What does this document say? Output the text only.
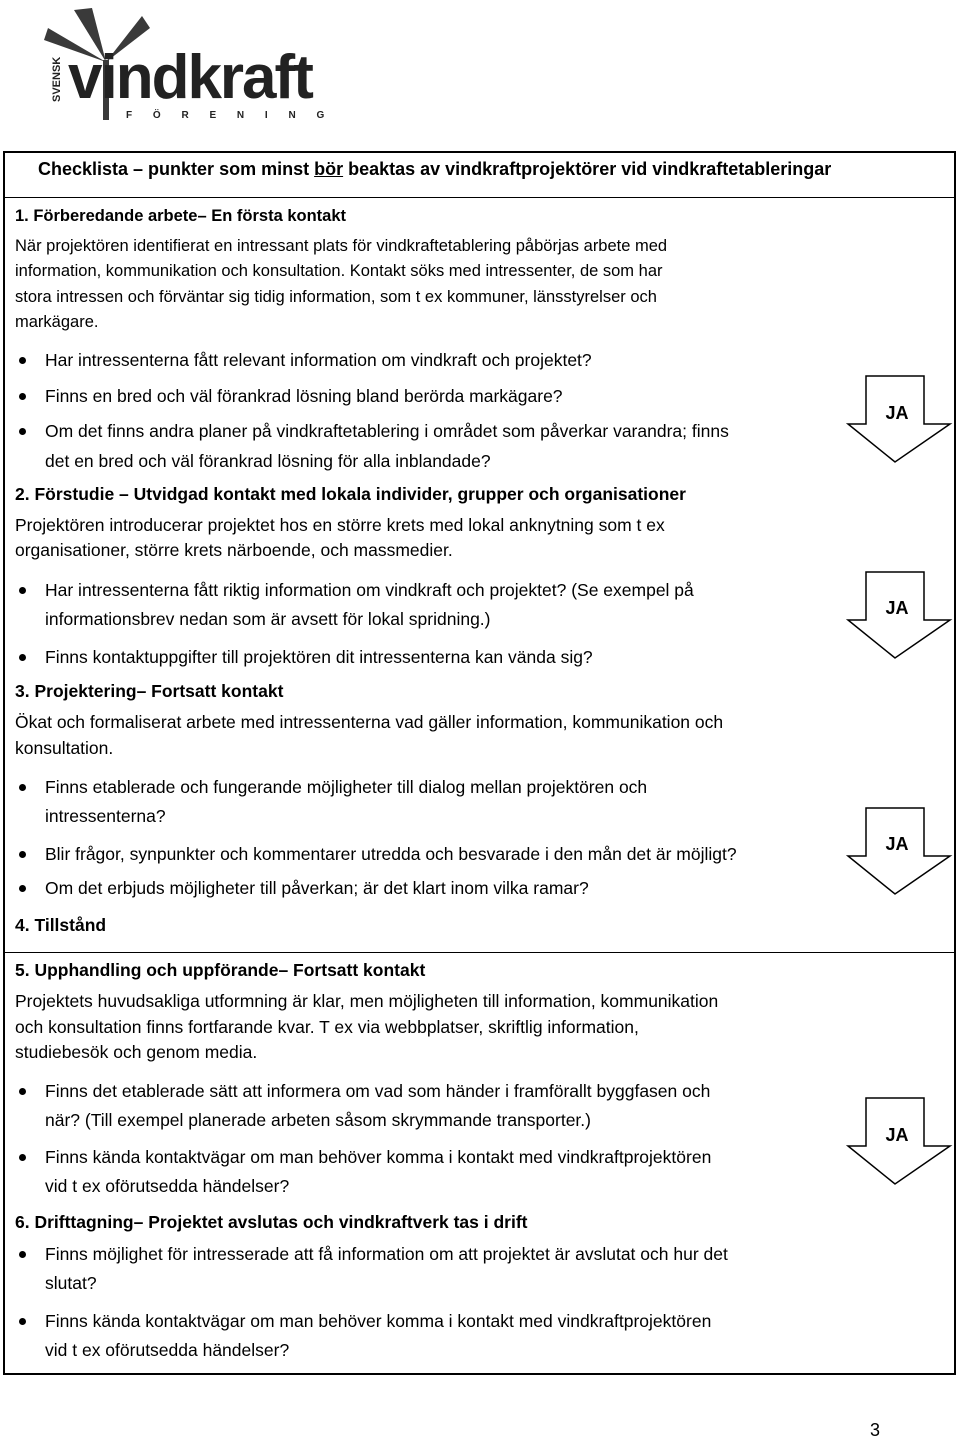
SVENSK vindkraft
F Ö R E N I N G
Checklista – punkter som minst bör beaktas av vindkraftprojektörer vid vindkraftetableringar
1. Förberedande arbete– En första kontakt
När projektören identifierat en intressant plats för vindkraftetablering påbörjas arbete med
information, kommunikation och konsultation. Kontakt söks med intressenter, de som har
stora intressen och förväntar sig tidig information, som t ex kommuner, länsstyrelser och
markägare.
Har intressenterna fått relevant information om vindkraft och projektet?
Finns en bred och väl förankrad lösning bland berörda markägare?
Om det finns andra planer på vindkraftetablering i området som påverkar varandra; finns
det en bred och väl förankrad lösning för alla inblandade?
JA
2. Förstudie – Utvidgad kontakt med lokala individer, grupper och organisationer
Projektören introducerar projektet hos en större krets med lokal anknytning som t ex
organisationer, större krets närboende, och massmedier.
Har intressenterna fått riktig information om vindkraft och projektet? (Se exempel på
informationsbrev nedan som är avsett för lokal spridning.)
Finns kontaktuppgifter till projektören dit intressenterna kan vända sig?
JA
3. Projektering– Fortsatt kontakt
Ökat och formaliserat arbete med intressenterna vad gäller information, kommunikation och
konsultation.
Finns etablerade och fungerande möjligheter till dialog mellan projektören och
intressenterna?
Blir frågor, synpunkter och kommentarer utredda och besvarade i den mån det är möjligt?
Om det erbjuds möjligheter till påverkan; är det klart inom vilka ramar?
JA
4. Tillstånd
5. Upphandling och uppförande– Fortsatt kontakt
Projektets huvudsakliga utformning är klar, men möjligheten till information, kommunikation
och konsultation finns fortfarande kvar. T ex via webbplatser, skriftlig information,
studiebesök och genom media.
Finns det etablerade sätt att informera om vad som händer i framförallt byggfasen och
när? (Till exempel planerade arbeten såsom skrymmande transporter.)
Finns kända kontaktvägar om man behöver komma i kontakt med vindkraftprojektören
vid t ex oförutsedda händelser?
JA
6. Drifttagning– Projektet avslutas och vindkraftverk tas i drift
Finns möjlighet för intresserade att få information om att projektet är avslutat och hur det
slutat?
Finns kända kontaktvägar om man behöver komma i kontakt med vindkraftprojektören
vid t ex oförutsedda händelser?
3
